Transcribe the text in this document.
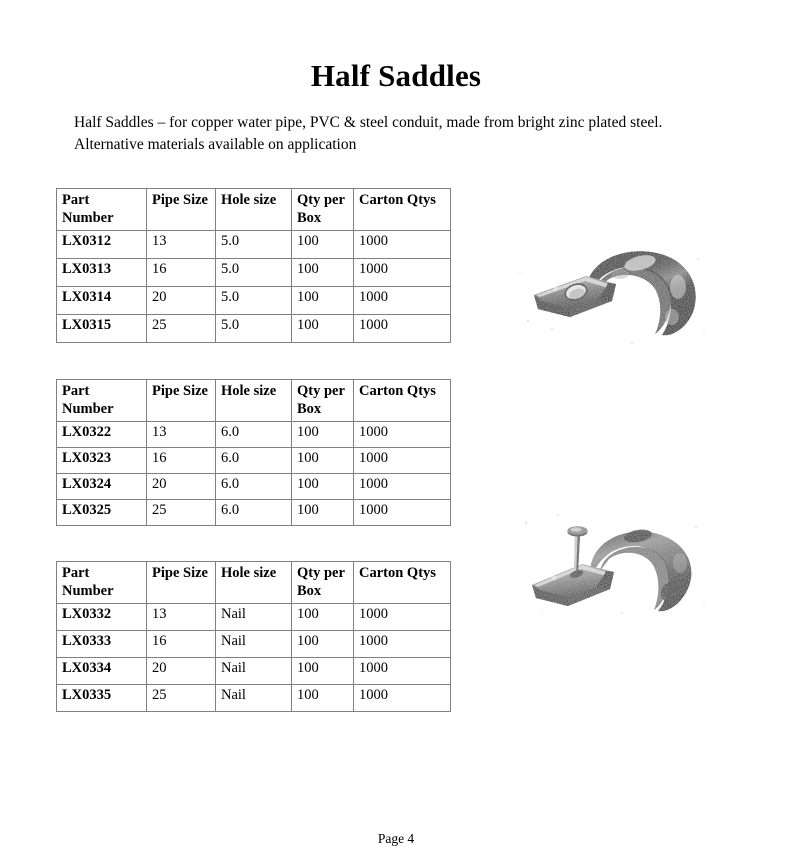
Half Saddles

Half Saddles – for copper water pipe, PVC & steel conduit, made from bright zinc plated steel.
Alternative materials available on application

Part Number	Pipe Size	Hole size	Qty per Box	Carton Qtys
LX0312	13	5.0	100	1000
LX0313	16	5.0	100	1000
LX0314	20	5.0	100	1000
LX0315	25	5.0	100	1000
Part Number	Pipe Size	Hole size	Qty per Box	Carton Qtys
LX0322	13	6.0	100	1000
LX0323	16	6.0	100	1000
LX0324	20	6.0	100	1000
LX0325	25	6.0	100	1000
Part Number	Pipe Size	Hole size	Qty per Box	Carton Qtys
LX0332	13	Nail	100	1000
LX0333	16	Nail	100	1000
LX0334	20	Nail	100	1000
LX0335	25	Nail	100	1000
Page 4
